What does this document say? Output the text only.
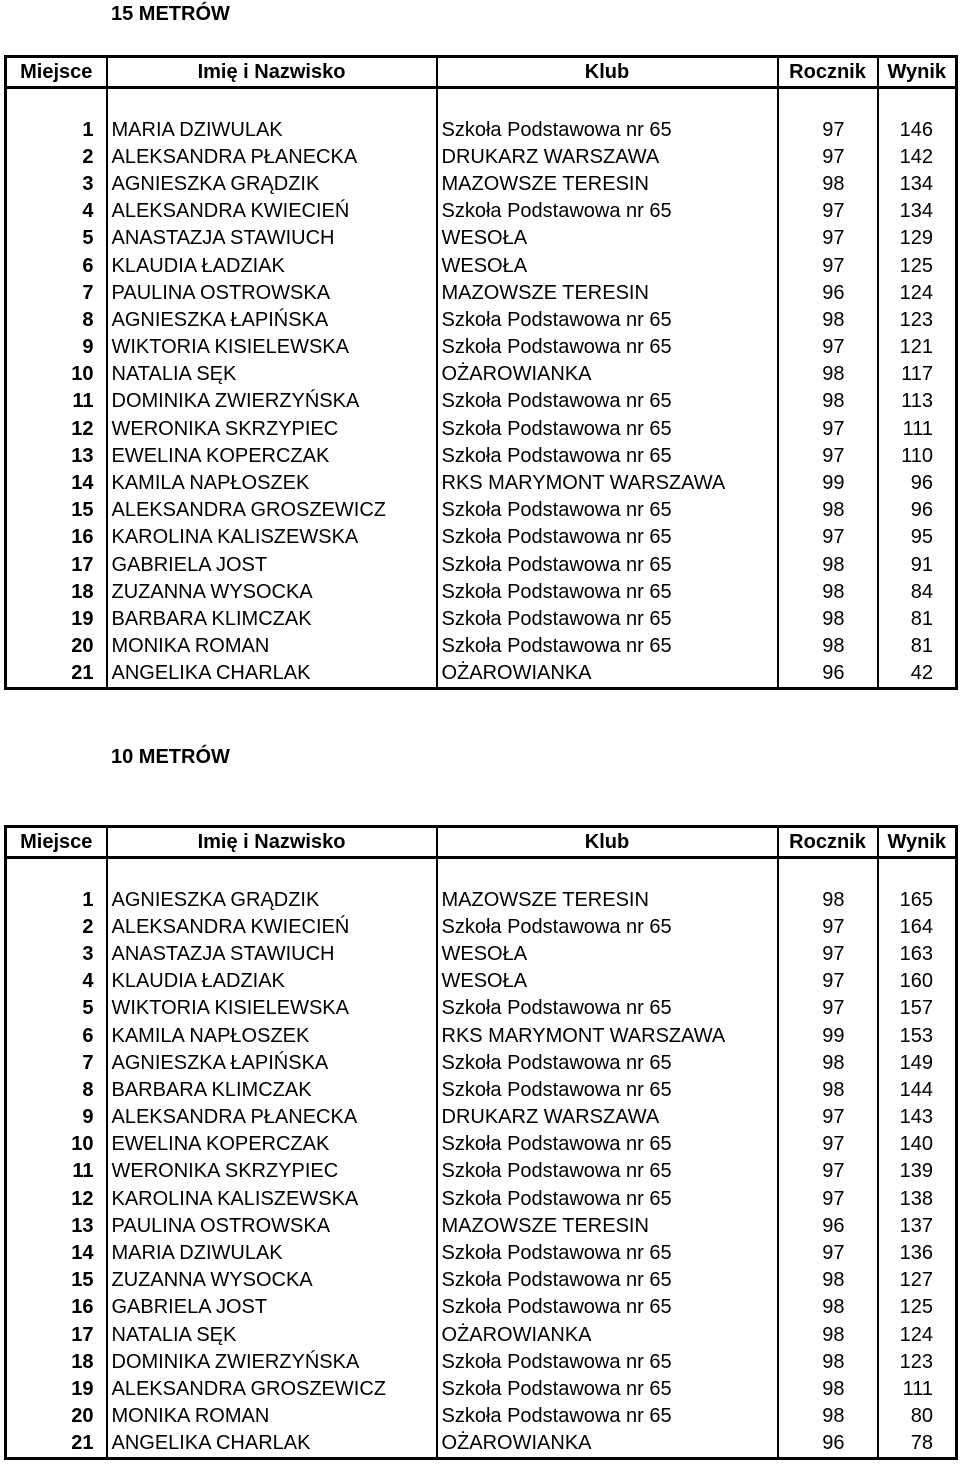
15 METRÓW
Miejsce	Imię i Nazwisko	Klub	Rocznik	Wynik

1	MARIA DZIWULAK	Szkoła Podstawowa nr 65	97	146
2	ALEKSANDRA PŁANECKA	DRUKARZ WARSZAWA	97	142
3	AGNIESZKA GRĄDZIK	MAZOWSZE TERESIN	98	134
4	ALEKSANDRA KWIECIEŃ	Szkoła Podstawowa nr 65	97	134
5	ANASTAZJA STAWIUCH	WESOŁA	97	129
6	KLAUDIA ŁADZIAK	WESOŁA	97	125
7	PAULINA OSTROWSKA	MAZOWSZE TERESIN	96	124
8	AGNIESZKA ŁAPIŃSKA	Szkoła Podstawowa nr 65	98	123
9	WIKTORIA KISIELEWSKA	Szkoła Podstawowa nr 65	97	121
10	NATALIA SĘK	OŻAROWIANKA	98	117
11	DOMINIKA ZWIERZYŃSKA	Szkoła Podstawowa nr 65	98	113
12	WERONIKA SKRZYPIEC	Szkoła Podstawowa nr 65	97	111
13	EWELINA KOPERCZAK	Szkoła Podstawowa nr 65	97	110
14	KAMILA NAPŁOSZEK	RKS MARYMONT WARSZAWA	99	96
15	ALEKSANDRA GROSZEWICZ	Szkoła Podstawowa nr 65	98	96
16	KAROLINA KALISZEWSKA	Szkoła Podstawowa nr 65	97	95
17	GABRIELA JOST	Szkoła Podstawowa nr 65	98	91
18	ZUZANNA WYSOCKA	Szkoła Podstawowa nr 65	98	84
19	BARBARA KLIMCZAK	Szkoła Podstawowa nr 65	98	81
20	MONIKA ROMAN	Szkoła Podstawowa nr 65	98	81
21	ANGELIKA CHARLAK	OŻAROWIANKA	96	42
10 METRÓW
Miejsce	Imię i Nazwisko	Klub	Rocznik	Wynik

1	AGNIESZKA GRĄDZIK	MAZOWSZE TERESIN	98	165
2	ALEKSANDRA KWIECIEŃ	Szkoła Podstawowa nr 65	97	164
3	ANASTAZJA STAWIUCH	WESOŁA	97	163
4	KLAUDIA ŁADZIAK	WESOŁA	97	160
5	WIKTORIA KISIELEWSKA	Szkoła Podstawowa nr 65	97	157
6	KAMILA NAPŁOSZEK	RKS MARYMONT WARSZAWA	99	153
7	AGNIESZKA ŁAPIŃSKA	Szkoła Podstawowa nr 65	98	149
8	BARBARA KLIMCZAK	Szkoła Podstawowa nr 65	98	144
9	ALEKSANDRA PŁANECKA	DRUKARZ WARSZAWA	97	143
10	EWELINA KOPERCZAK	Szkoła Podstawowa nr 65	97	140
11	WERONIKA SKRZYPIEC	Szkoła Podstawowa nr 65	97	139
12	KAROLINA KALISZEWSKA	Szkoła Podstawowa nr 65	97	138
13	PAULINA OSTROWSKA	MAZOWSZE TERESIN	96	137
14	MARIA DZIWULAK	Szkoła Podstawowa nr 65	97	136
15	ZUZANNA WYSOCKA	Szkoła Podstawowa nr 65	98	127
16	GABRIELA JOST	Szkoła Podstawowa nr 65	98	125
17	NATALIA SĘK	OŻAROWIANKA	98	124
18	DOMINIKA ZWIERZYŃSKA	Szkoła Podstawowa nr 65	98	123
19	ALEKSANDRA GROSZEWICZ	Szkoła Podstawowa nr 65	98	111
20	MONIKA ROMAN	Szkoła Podstawowa nr 65	98	80
21	ANGELIKA CHARLAK	OŻAROWIANKA	96	78
